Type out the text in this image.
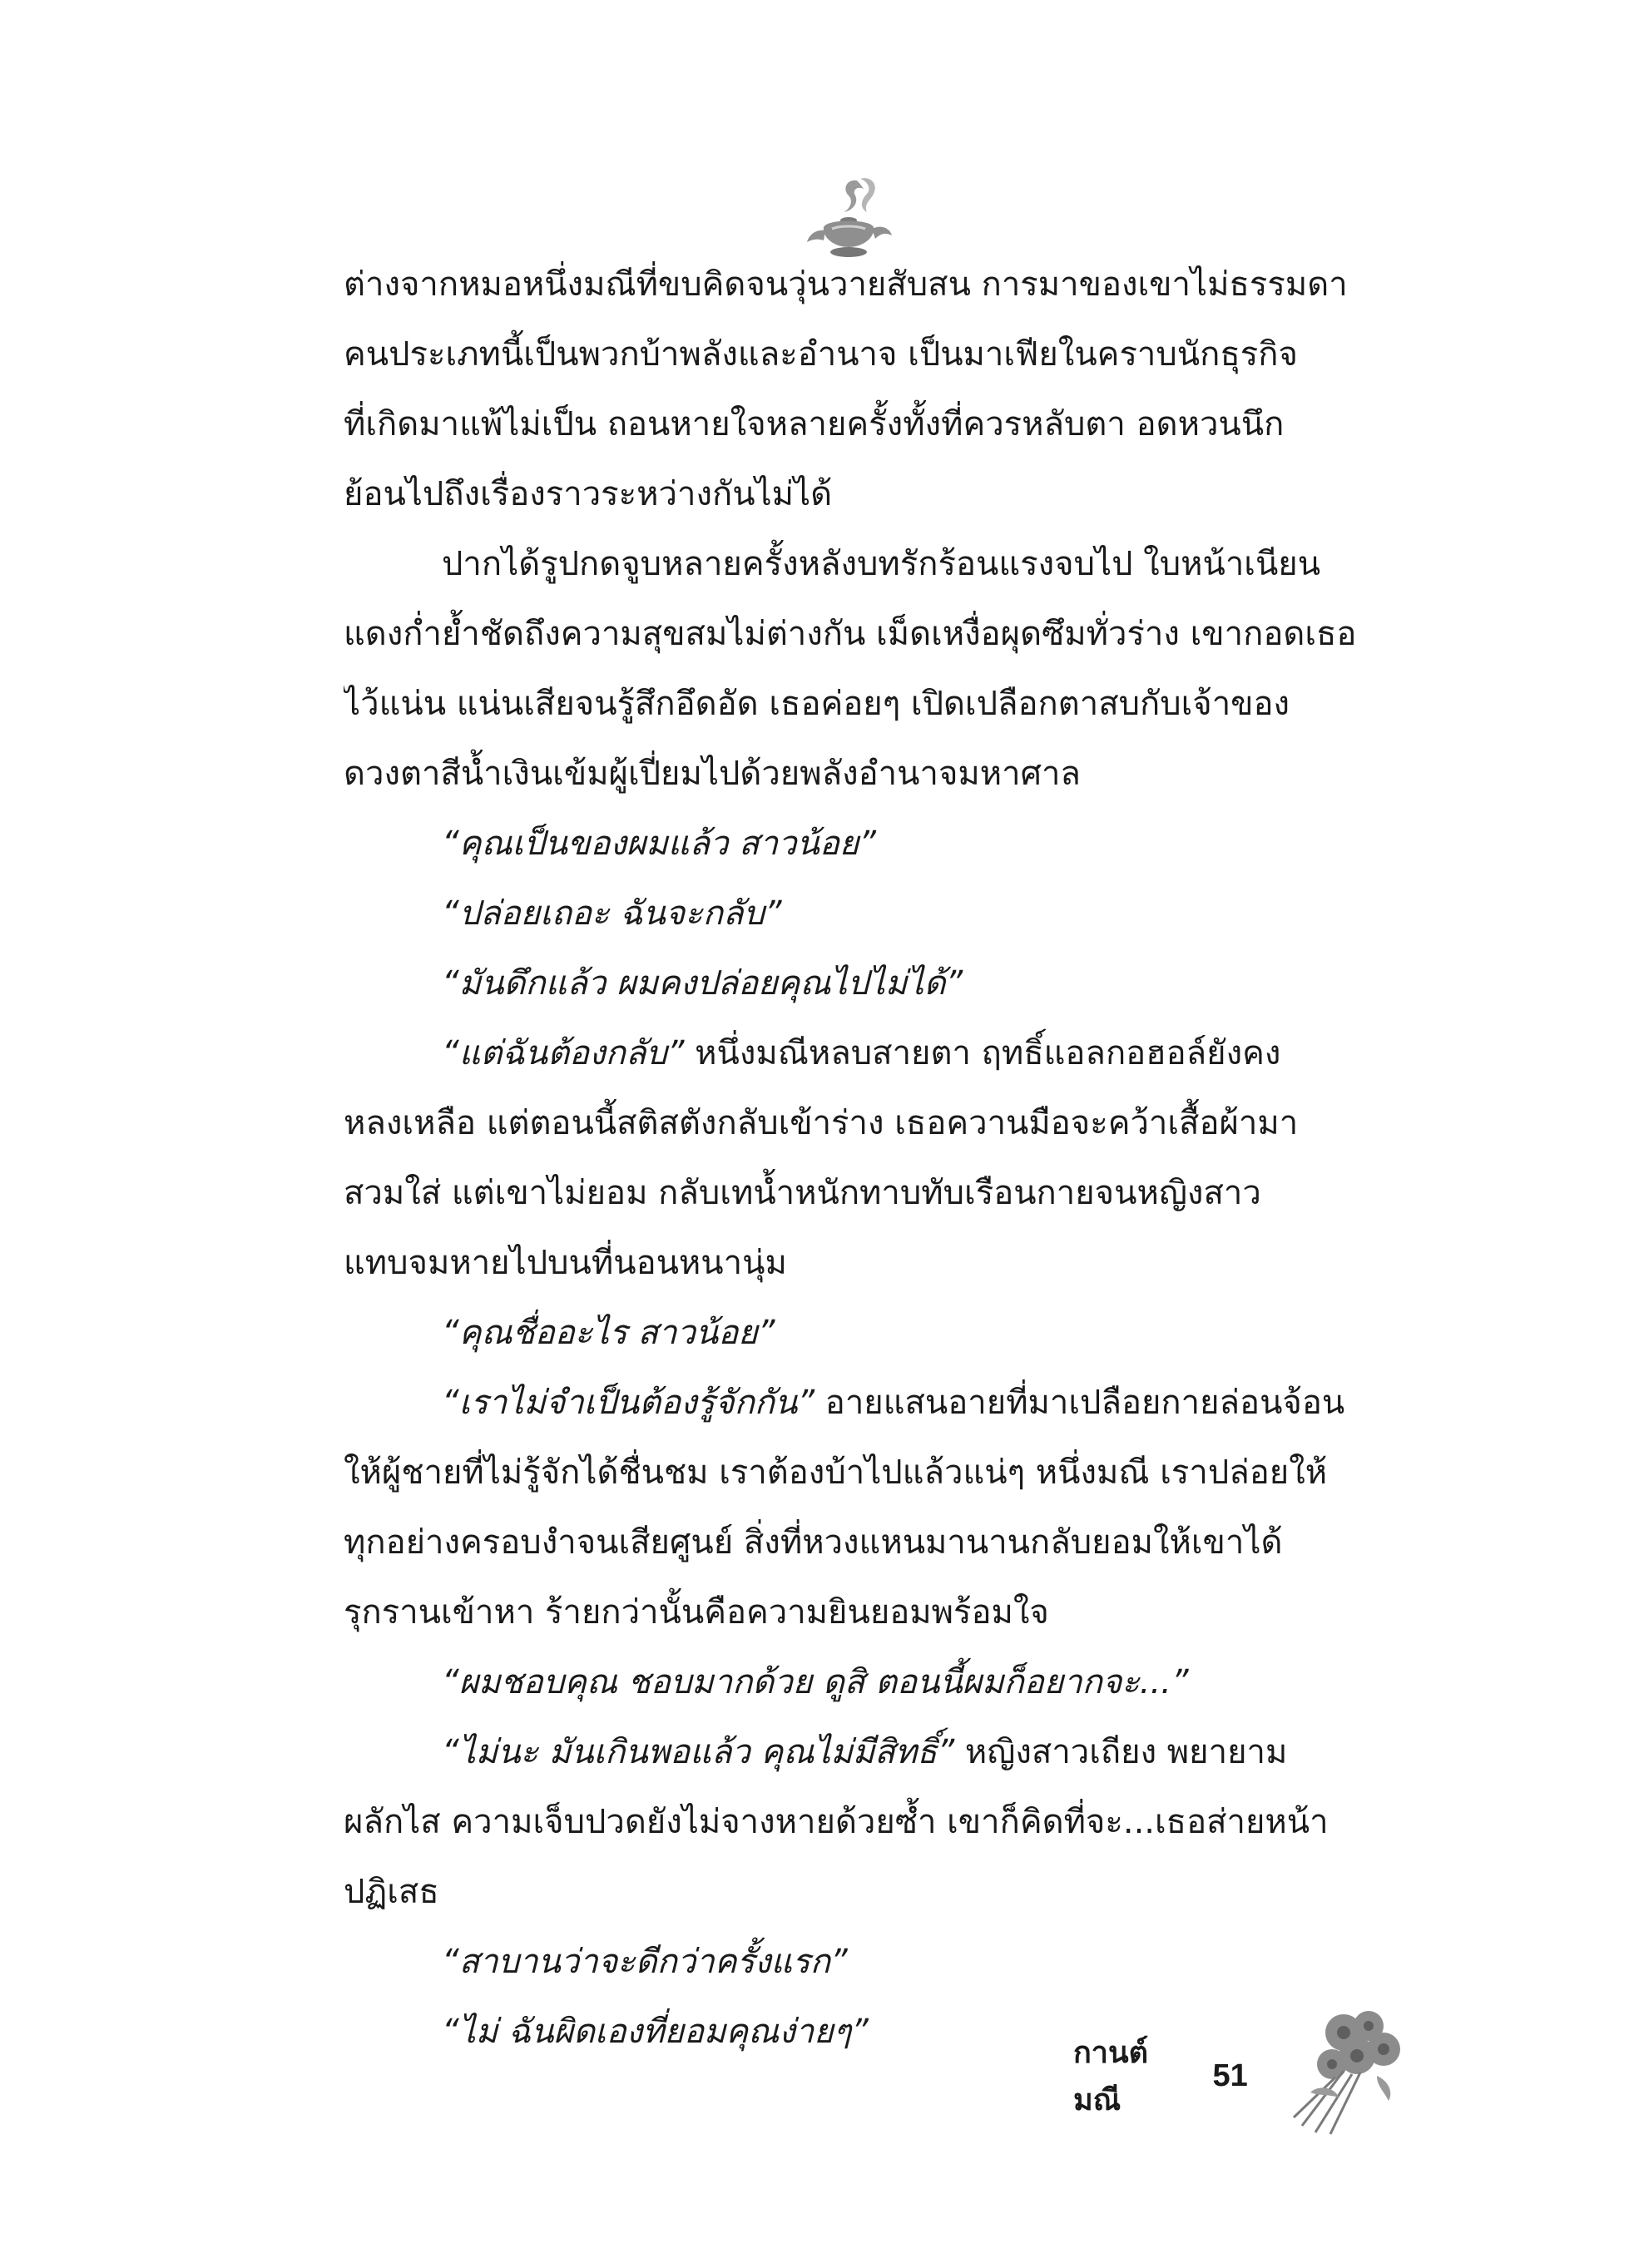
ต่างจากหมอหนึ่งมณีที่ขบคิดจนวุ่นวายสับสน การมาของเขาไม่ธรรมดา
คนประเภทนี้เป็นพวกบ้าพลังและอำนาจ เป็นมาเฟียในคราบนักธุรกิจ
ที่เกิดมาแพ้ไม่เป็น ถอนหายใจหลายครั้งทั้งที่ควรหลับตา อดหวนนึก
ย้อนไปถึงเรื่องราวระหว่างกันไม่ได้
ปากได้รูปกดจูบหลายครั้งหลังบทรักร้อนแรงจบไป ใบหน้าเนียน
แดงก่ำย้ำชัดถึงความสุขสมไม่ต่างกัน เม็ดเหงื่อผุดซึมทั่วร่าง เขากอดเธอ
ไว้แน่น แน่นเสียจนรู้สึกอึดอัด เธอค่อยๆ เปิดเปลือกตาสบกับเจ้าของ
ดวงตาสีน้ำเงินเข้มผู้เปี่ยมไปด้วยพลังอำนาจมหาศาล
“คุณเป็นของผมแล้ว สาวน้อย”
“ปล่อยเถอะ ฉันจะกลับ”
“มันดึกแล้ว ผมคงปล่อยคุณไปไม่ได้”
“แต่ฉันต้องกลับ” หนึ่งมณีหลบสายตา ฤทธิ์แอลกอฮอล์ยังคง
หลงเหลือ แต่ตอนนี้สติสตังกลับเข้าร่าง เธอควานมือจะคว้าเสื้อผ้ามา
สวมใส่ แต่เขาไม่ยอม กลับเทน้ำหนักทาบทับเรือนกายจนหญิงสาว
แทบจมหายไปบนที่นอนหนานุ่ม
“คุณชื่ออะไร สาวน้อย”
“เราไม่จำเป็นต้องรู้จักกัน” อายแสนอายที่มาเปลือยกายล่อนจ้อน
ให้ผู้ชายที่ไม่รู้จักได้ชื่นชม เราต้องบ้าไปแล้วแน่ๆ หนึ่งมณี เราปล่อยให้
ทุกอย่างครอบงำจนเสียศูนย์ สิ่งที่หวงแหนมานานกลับยอมให้เขาได้
รุกรานเข้าหา ร้ายกว่านั้นคือความยินยอมพร้อมใจ
“ผมชอบคุณ ชอบมากด้วย ดูสิ ตอนนี้ผมก็อยากจะ...”
“ไม่นะ มันเกินพอแล้ว คุณไม่มีสิทธิ์” หญิงสาวเถียง พยายาม
ผลักไส ความเจ็บปวดยังไม่จางหายด้วยซ้ำ เขาก็คิดที่จะ...เธอส่ายหน้า
ปฏิเสธ
“สาบานว่าจะดีกว่าครั้งแรก”
“ไม่ ฉันผิดเองที่ยอมคุณง่ายๆ”
กานต์มณี
51
